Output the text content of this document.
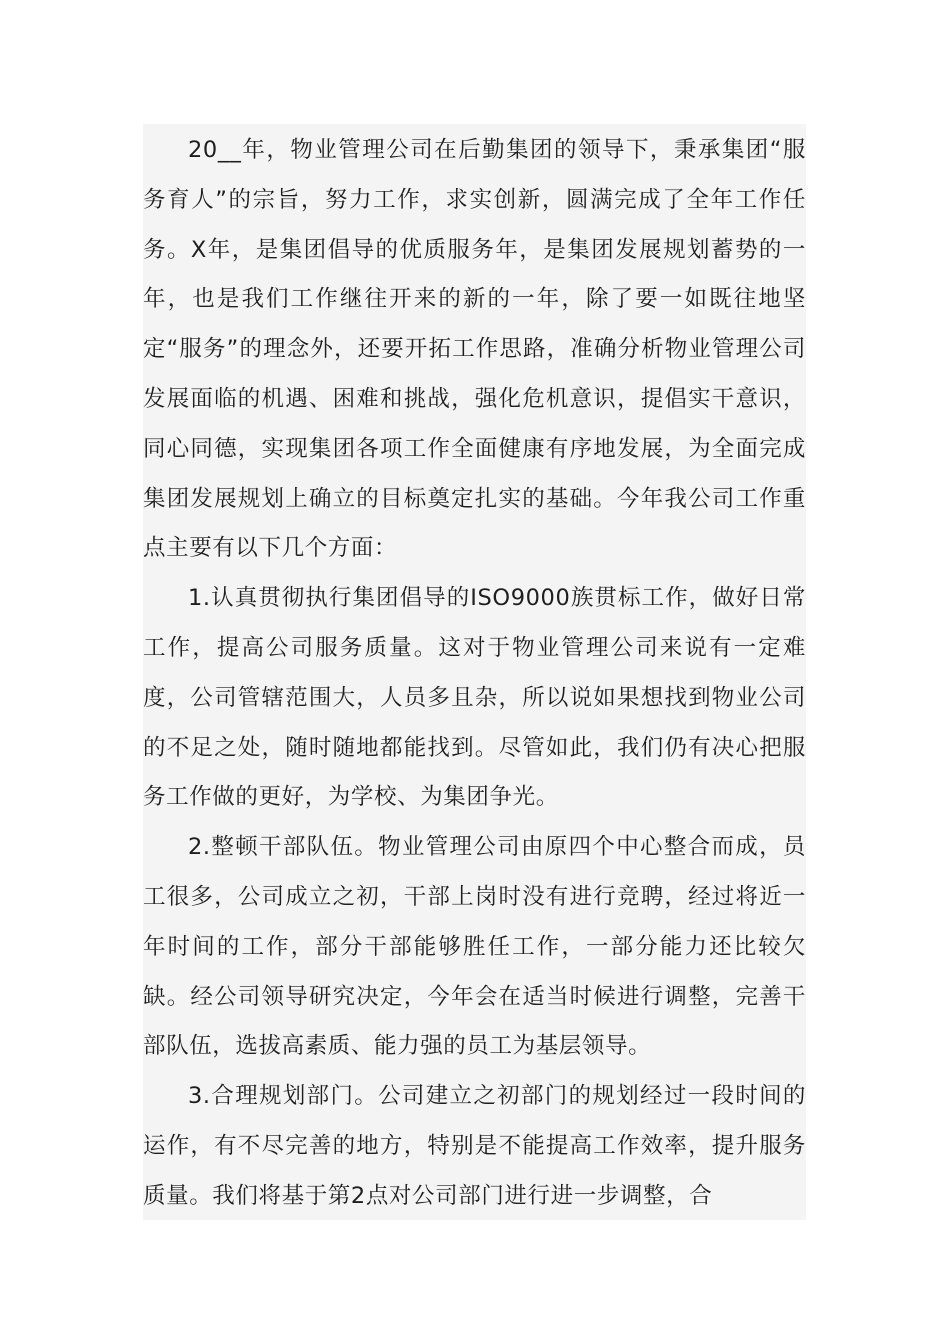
20__年，物业管理公司在后勤集团的领导下，秉承集团“服务育人”的宗旨，努力工作，求实创新，圆满完成了全年工作任务。X年，是集团倡导的优质服务年，是集团发展规划蓄势的一年，也是我们工作继往开来的新的一年，除了要一如既往地坚定“服务”的理念外，还要开拓工作思路，准确分析物业管理公司发展面临的机遇、困难和挑战，强化危机意识，提倡实干意识，同心同德，实现集团各项工作全面健康有序地发展，为全面完成集团发展规划上确立的目标奠定扎实的基础。今年我公司工作重点主要有以下几个方面：

1.认真贯彻执行集团倡导的ISO9000族贯标工作，做好日常工作，提高公司服务质量。这对于物业管理公司来说有一定难度，公司管辖范围大，人员多且杂，所以说如果想找到物业公司的不足之处，随时随地都能找到。尽管如此，我们仍有决心把服务工作做的更好，为学校、为集团争光。

2.整顿干部队伍。物业管理公司由原四个中心整合而成，员工很多，公司成立之初，干部上岗时没有进行竞聘，经过将近一年时间的工作，部分干部能够胜任工作，一部分能力还比较欠缺。经公司领导研究决定，今年会在适当时候进行调整，完善干部队伍，选拔高素质、能力强的员工为基层领导。

3.合理规划部门。公司建立之初部门的规划经过一段时间的运作，有不尽完善的地方，特别是不能提高工作效率，提升服务质量。我们将基于第2点对公司部门进行进一步调整，合
